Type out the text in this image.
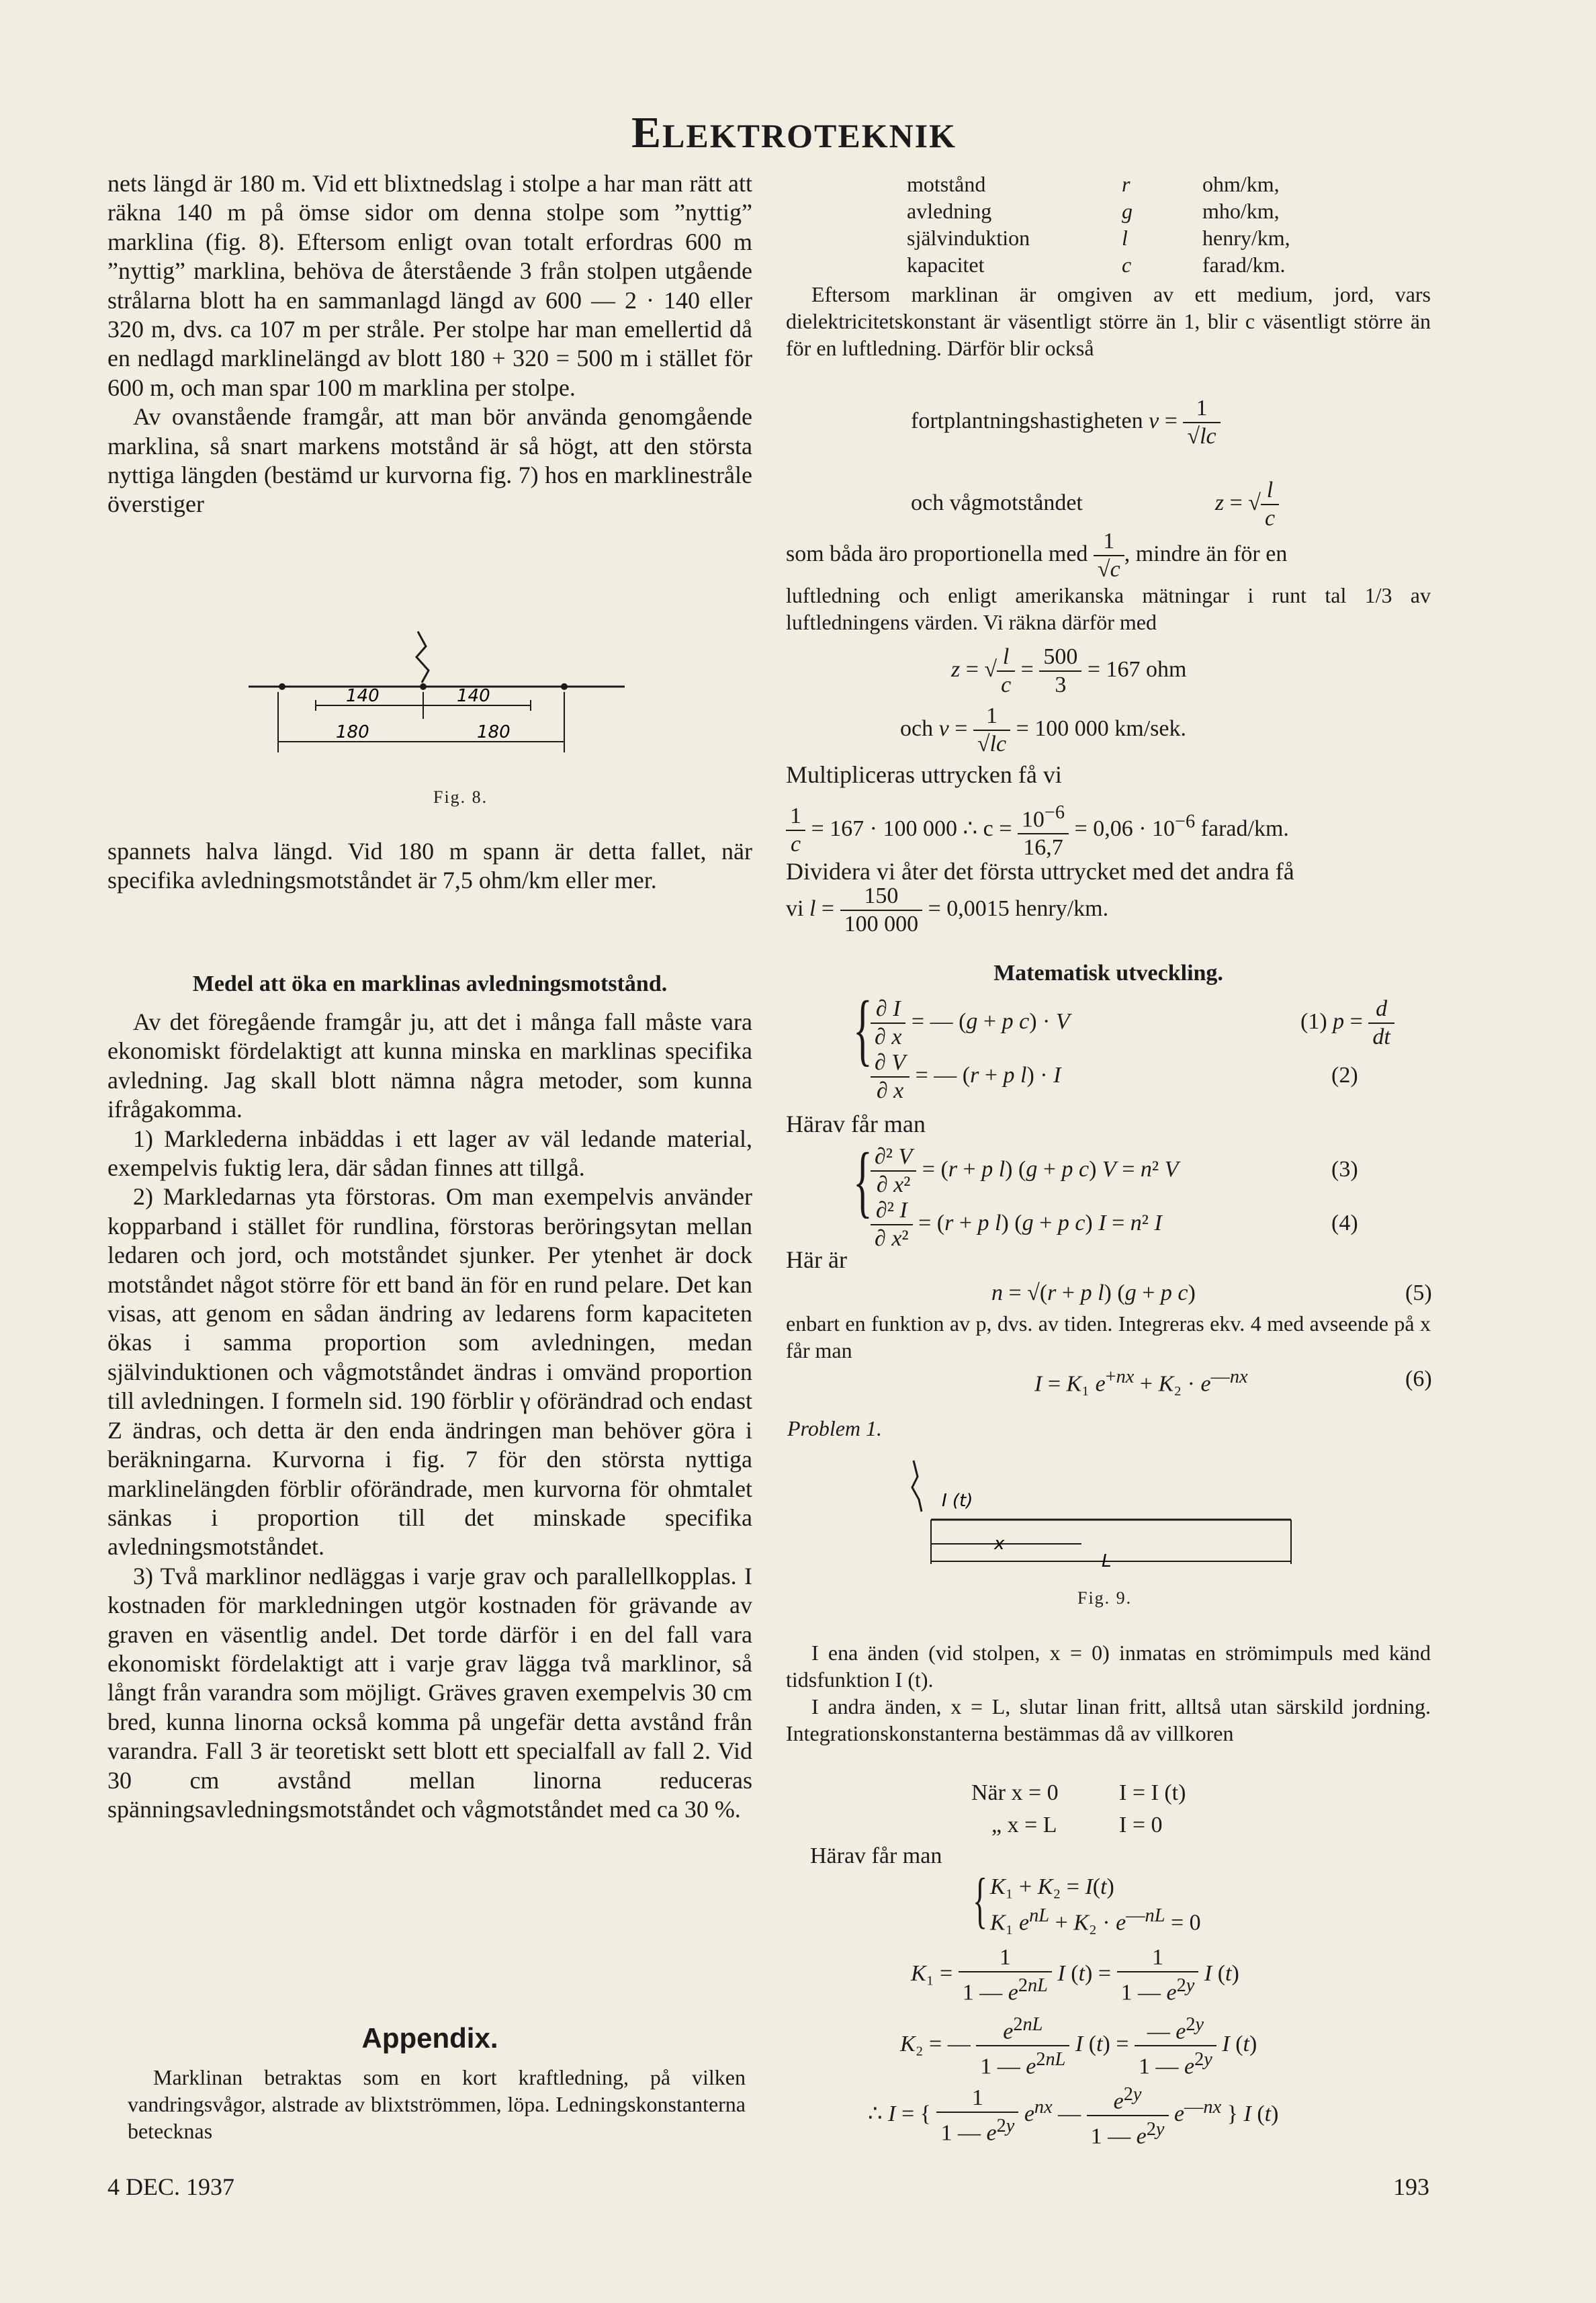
ELEKTROTEKNIK

nets längd är 180 m. Vid ett blixtnedslag i stolpe a har man rätt att räkna 140 m på ömse sidor om denna stolpe som ”nyttig” marklina (fig. 8). Eftersom enligt ovan totalt erfordras 600 m ”nyttig” marklina, behöva de återstående 3 från stolpen utgående strålarna blott ha en sammanlagd längd av 600 — 2 · 140 eller 320 m, dvs. ca 107 m per stråle. Per stolpe har man emellertid då en nedlagd marklinelängd av blott 180 + 320 = 500 m i stället för 600 m, och man spar 100 m marklina per stolpe.

Av ovanstående framgår, att man bör använda genomgående marklina, så snart markens motstånd är så högt, att den största nyttiga längden (bestämd ur kurvorna fig. 7) hos en marklinestråle överstiger

140	140
180	180
Fig. 8.

spannets halva längd. Vid 180 m spann är detta fallet, när specifika avledningsmotståndet är 7,5 ohm/km eller mer.

Medel att öka en marklinas avledningsmotstånd.

Av det föregående framgår ju, att det i många fall måste vara ekonomiskt fördelaktigt att kunna minska en marklinas specifika avledning. Jag skall blott nämna några metoder, som kunna ifrågakomma.

1) Marklederna inbäddas i ett lager av väl ledande material, exempelvis fuktig lera, där sådan finnes att tillgå.

2) Markledarnas yta förstoras. Om man exempelvis använder kopparband i stället för rundlina, förstoras beröringsytan mellan ledaren och jord, och motståndet sjunker. Per ytenhet är dock motståndet något större för ett band än för en rund pelare. Det kan visas, att genom en sådan ändring av ledarens form kapaciteten ökas i samma proportion som avledningen, medan självinduktionen och vågmotståndet ändras i omvänd proportion till avledningen. I formeln sid. 190 förblir γ oförändrad och endast Z ändras, och detta är den enda ändringen man behöver göra i beräkningarna. Kurvorna i fig. 7 för den största nyttiga marklinelängden förblir oförändrade, men kurvorna för ohmtalet sänkas i proportion till det minskade specifika avledningsmotståndet.

3) Två marklinor nedläggas i varje grav och parallellkopplas. I kostnaden för markledningen utgör kostnaden för grävande av graven en väsentlig andel. Det torde därför i en del fall vara ekonomiskt fördelaktigt att i varje grav lägga två marklinor, så långt från varandra som möjligt. Gräves graven exempelvis 30 cm bred, kunna linorna också komma på ungefär detta avstånd från varandra. Fall 3 är teoretiskt sett blott ett specialfall av fall 2. Vid 30 cm avstånd mellan linorna reduceras spänningsavledningsmotståndet och vågmotståndet med ca 30 %.

Appendix.

Marklinan betraktas som en kort kraftledning, på vilken vandringsvågor, alstrade av blixtströmmen, löpa. Ledningskonstanterna betecknas

motstånd	r	ohm/km,
avledning	g	mho/km,
självinduktion	l	henry/km,
kapacitet	c	farad/km.

Eftersom marklinan är omgiven av ett medium, jord, vars dielektricitetskonstant är väsentligt större än 1, blir c väsentligt större än för en luftledning. Därför blir också

fortplantningshastigheten $v = \frac{1}{√lc}$
och vågmotståndet	z = √ $\frac{l}{c}$
som båda äro proportionella med $\frac{1}{√c}$ , mindre än för en

luftledning och enligt amerikanska mätningar i runt tal 1/3 av luftledningens värden. Vi räkna därför med

z = √ $\frac{l}{c} = \frac{500}{3} = 167$ ohm
och $v = \frac{1}{√lc} = 100$ 000 km/sek.
Multipliceras uttrycken få vi
$\frac{1}{c} = 167 \cdot 100$ 000 ∴ $c = \frac{10^{-6}}{16,7} = 0,06 \cdot 10^{-6}$ farad/km.
Dividera vi åter det första uttrycket med det andra få
vi $l = \frac{150}{100 000} = 0,0015$ henry/km.
Matematisk utveckling.
{
$\frac{\partial I}{\partial x}$ = — (g + p c) · V	(1) $p = \frac{d}{dt}$
$\frac{\partial V}{\partial x}$ = — (r + p l) · I	(2)
Härav får man
{
$\frac{\text{∂² V}}{\text{∂ x²}} = (r + p$ l) (g + p c) V = n² V	(3)
$\frac{\text{∂² I}}{\text{∂ x²}} = (r + p$ l) (g + p c) I = n² I	(4)
Här är
n = √(r + p l) (g + p c)	(5)

enbart en funktion av p, dvs. av tiden. Integreras ekv. 4 med avseende på x får man

I = K₁ $e^{+nx} + K_2 \cdot e^{—nx}$	(6)
Problem 1.
I (t)
x
L
Fig. 9.

I ena änden (vid stolpen, x = 0) inmatas en strömimpuls med känd tidsfunktion I (t).

I andra änden, x = L, slutar linan fritt, alltså utan särskild jordning. Integrationskonstanterna bestämmas då av villkoren

När x = 0	I = I (t)
„ x = L	I = 0
Härav får man
{ K₁ + K₂ = I(t)
K₁ $e^{nL} + K_2 \cdot e^{—nL} = 0$
$K_1 = \frac{1}{1 — e^{2nL}}$ I $(t) = \frac{1}{1 — e^{2y}}$ I (t)
K₂ = — $\frac{e^{2nL}}{1 — e^{2nL}}$ I $(t) = \frac{— e^{2y}}{1 — e^{2y}}$ I (t)
∴ I = { $\frac{1}{1 — e^{2y}} e^{nx}$ — $\frac{e^{2y}}{1 — e^{2y}} e^{—nx}$ } I (t)
4 DEC. 1937	193
